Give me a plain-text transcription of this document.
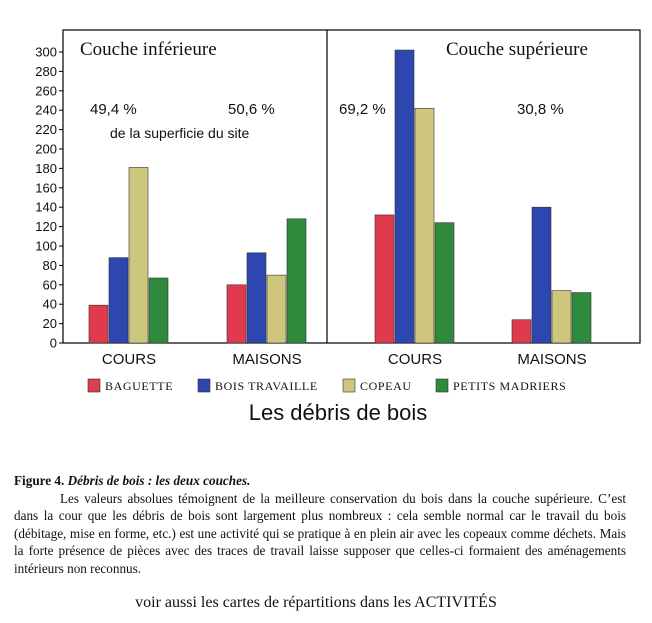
0
20
40
60
80
100
120
140
160
180
200
220
240
260
280
300 Couche inférieure
49,4 %	50,6 %
de la superficie du site
COURS	MAISONS
Couche supérieure
69,2 %	30,8 %
COURS	MAISONS
BAGUETTE	BOIS TRAVAILLE	COPEAU	PETITS MADRIERS
Les débris de bois

Figure 4. Débris de bois : les deux couches.

Les valeurs absolues témoignent de la meilleure conservation du bois dans la couche supérieure. C’est dans la cour que les débris de bois sont largement plus nombreux : cela semble normal car le travail du bois (débitage, mise en forme, etc.) est une activité qui se pratique à en plein air avec les copeaux comme déchets. Mais la forte présence de pièces avec des traces de travail laisse supposer que celles-ci formaient des aménagements intérieurs non reconnus.

voir aussi les cartes de répartitions dans les ACTIVITÉS
